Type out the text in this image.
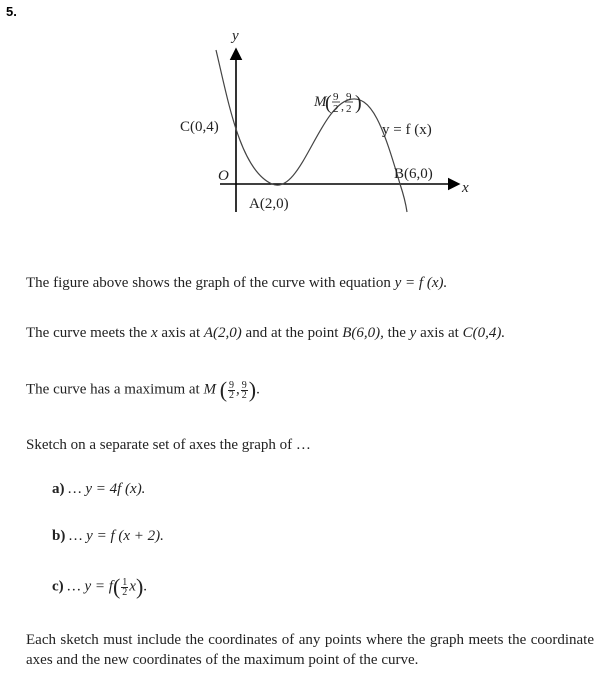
5.
y
x
O
C(0,4)
A(2,0)
B(6,0)
y = f (x)
M
( 9
2 ,
9
2 )
The figure above shows the graph of the curve with equation y = f (x).
The curve meets the x axis at A(2,0) and at the point B(6,0), the y axis at C(0,4).
The curve has a maximum at M ( $\frac{9}{2}$ , $\frac{9}{2}$ ).
Sketch on a separate set of axes the graph of …
a) … y = 4f (x).
b) … y = f (x + 2).
c) … $y = f( \frac{1}{2} x)$.
Each sketch must include the coordinates of any points where the graph meets the coordinate axes and the new coordinates of the maximum point of the curve.
